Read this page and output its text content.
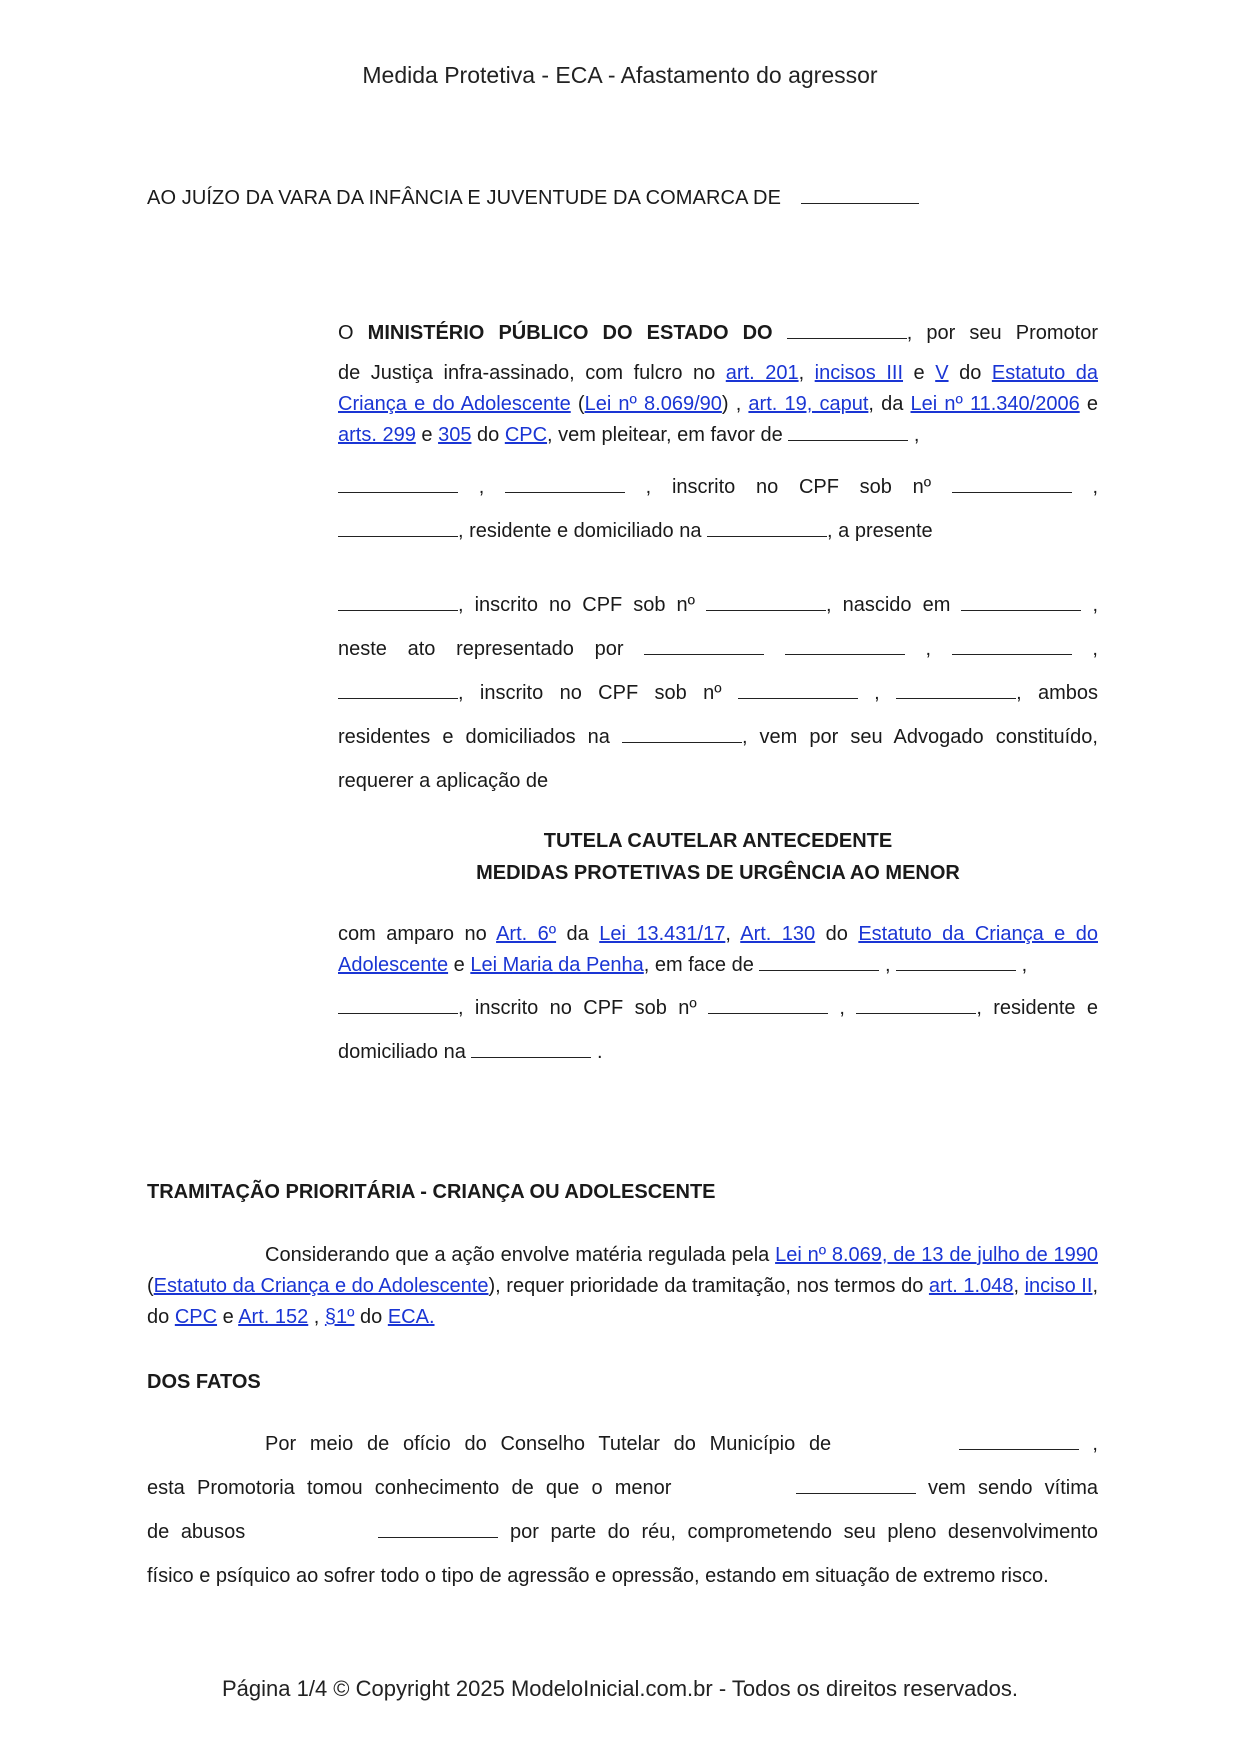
Medida Protetiva - ECA - Afastamento do agressor
AO JUÍZO DA VARA DA INFÂNCIA E JUVENTUDE DA COMARCA DE
O MINISTÉRIO PÚBLICO DO ESTADO DO	, por seu Promotor
de Justiça infra-assinado, com fulcro no art. 201, incisos III e V do Estatuto da Criança e do Adolescente (Lei nº 8.069/90) , art. 19, caput, da Lei nº 11.340/2006 e arts. 299 e 305 do CPC, vem pleitear, em favor de	,
,	, inscrito no CPF sob nº	,
, residente e domiciliado na	, a presente
, inscrito no CPF sob nº	, nascido em	,
neste ato representado por	,	,
, inscrito no CPF sob nº	,	, ambos
residentes e domiciliados na	, vem por seu Advogado constituído,
requerer a aplicação de
TUTELA CAUTELAR ANTECEDENTE
MEDIDAS PROTETIVAS DE URGÊNCIA AO MENOR
com amparo no Art. 6º da Lei 13.431/17, Art. 130 do Estatuto da Criança e do Adolescente e Lei Maria da Penha, em face de	,	,
, inscrito no CPF sob nº	,	, residente e
domiciliado na	.
TRAMITAÇÃO PRIORITÁRIA - CRIANÇA OU ADOLESCENTE
Considerando que a ação envolve matéria regulada pela Lei nº 8.069, de 13 de julho de 1990 (Estatuto da Criança e do Adolescente), requer prioridade da tramitação, nos termos do art. 1.048, inciso II, do CPC e Art. 152 , §1º do ECA.
DOS FATOS
Por meio de ofício do Conselho Tutelar do Município de	,
esta Promotoria tomou conhecimento de que o menor	vem sendo vítima
de abusos	por parte do réu, comprometendo seu pleno desenvolvimento
físico e psíquico ao sofrer todo o tipo de agressão e opressão, estando em situação de extremo risco.
Página 1/4 © Copyright 2025 ModeloInicial.com.br - Todos os direitos reservados.
